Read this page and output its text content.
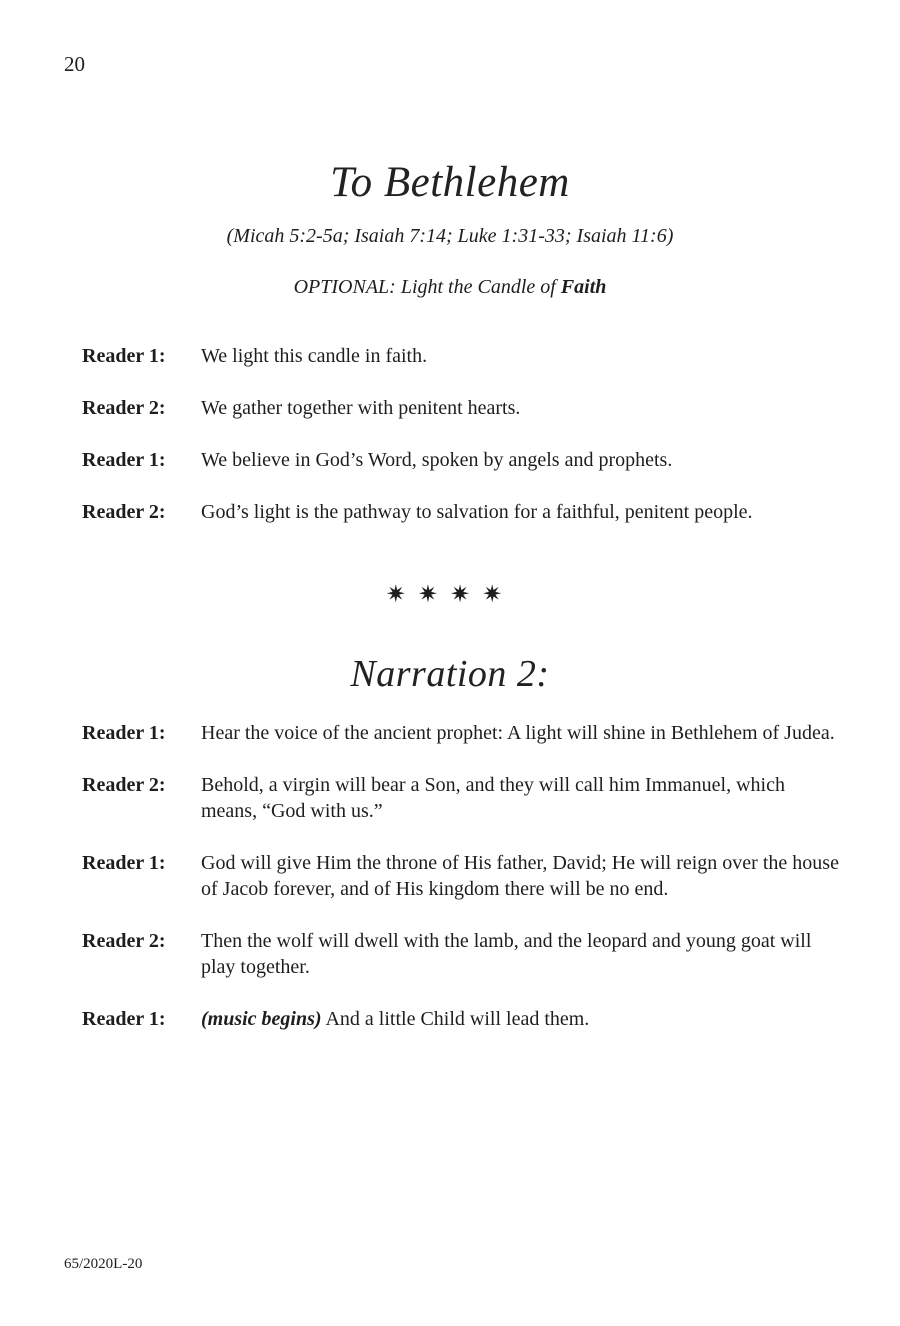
20
To Bethlehem
(Micah 5:2-5a; Isaiah 7:14; Luke 1:31-33; Isaiah 11:6)
OPTIONAL: Light the Candle of Faith
Reader 1:	We light this candle in faith.
Reader 2:	We gather together with penitent hearts.
Reader 1:	We believe in God’s Word, spoken by angels and prophets.
Reader 2:	God’s light is the pathway to salvation for a faithful, penitent people.
✷✷✷✷
Narration 2:
Reader 1:	Hear the voice of the ancient prophet: A light will shine in Bethlehem of Judea.
Reader 2:	Behold, a virgin will bear a Son, and they will call him Immanuel, which means, “God with us.”
Reader 1:	God will give Him the throne of His father, David; He will reign over the house of Jacob forever, and of His kingdom there will be no end.
Reader 2:	Then the wolf will dwell with the lamb, and the leopard and young goat will play together.
Reader 1:	(music begins) And a little Child will lead them.
65/2020L-20
